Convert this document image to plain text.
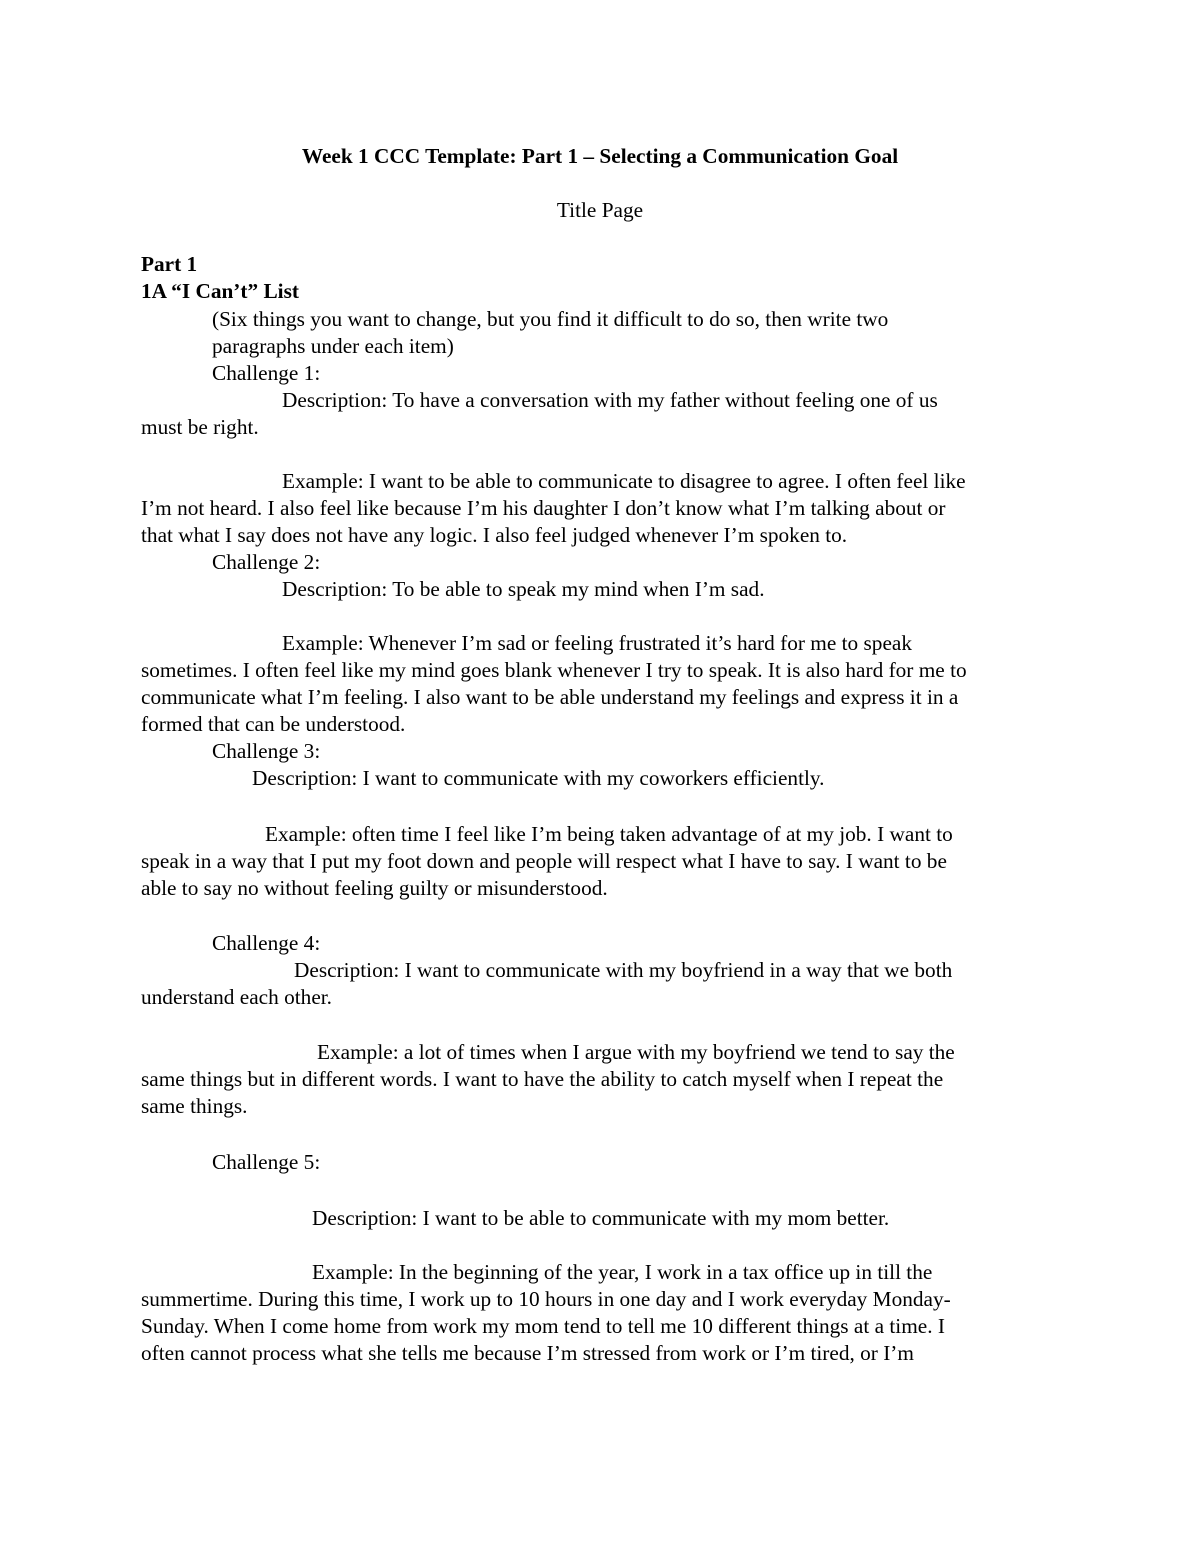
Week 1 CCC Template: Part 1 – Selecting a Communication Goal

Title Page

Part 1

1A “I Can’t” List

(Six things you want to change, but you find it difficult to do so, then write two

paragraphs under each item)

Challenge 1:

Description: To have a conversation with my father without feeling one of us

must be right.

Example: I want to be able to communicate to disagree to agree. I often feel like

I’m not heard. I also feel like because I’m his daughter I don’t know what I’m talking about or

that what I say does not have any logic. I also feel judged whenever I’m spoken to.

Challenge 2:

Description: To be able to speak my mind when I’m sad.

Example: Whenever I’m sad or feeling frustrated it’s hard for me to speak

sometimes. I often feel like my mind goes blank whenever I try to speak. It is also hard for me to

communicate what I’m feeling. I also want to be able understand my feelings and express it in a

formed that can be understood.

Challenge 3:

Description: I want to communicate with my coworkers efficiently.

Example: often time I feel like I’m being taken advantage of at my job. I want to

speak in a way that I put my foot down and people will respect what I have to say. I want to be

able to say no without feeling guilty or misunderstood.

Challenge 4:

Description: I want to communicate with my boyfriend in a way that we both

understand each other.

Example: a lot of times when I argue with my boyfriend we tend to say the

same things but in different words. I want to have the ability to catch myself when I repeat the

same things.

Challenge 5:

Description: I want to be able to communicate with my mom better.

Example: In the beginning of the year, I work in a tax office up in till the

summertime. During this time, I work up to 10 hours in one day and I work everyday Monday-

Sunday. When I come home from work my mom tend to tell me 10 different things at a time. I

often cannot process what she tells me because I’m stressed from work or I’m tired, or I’m
